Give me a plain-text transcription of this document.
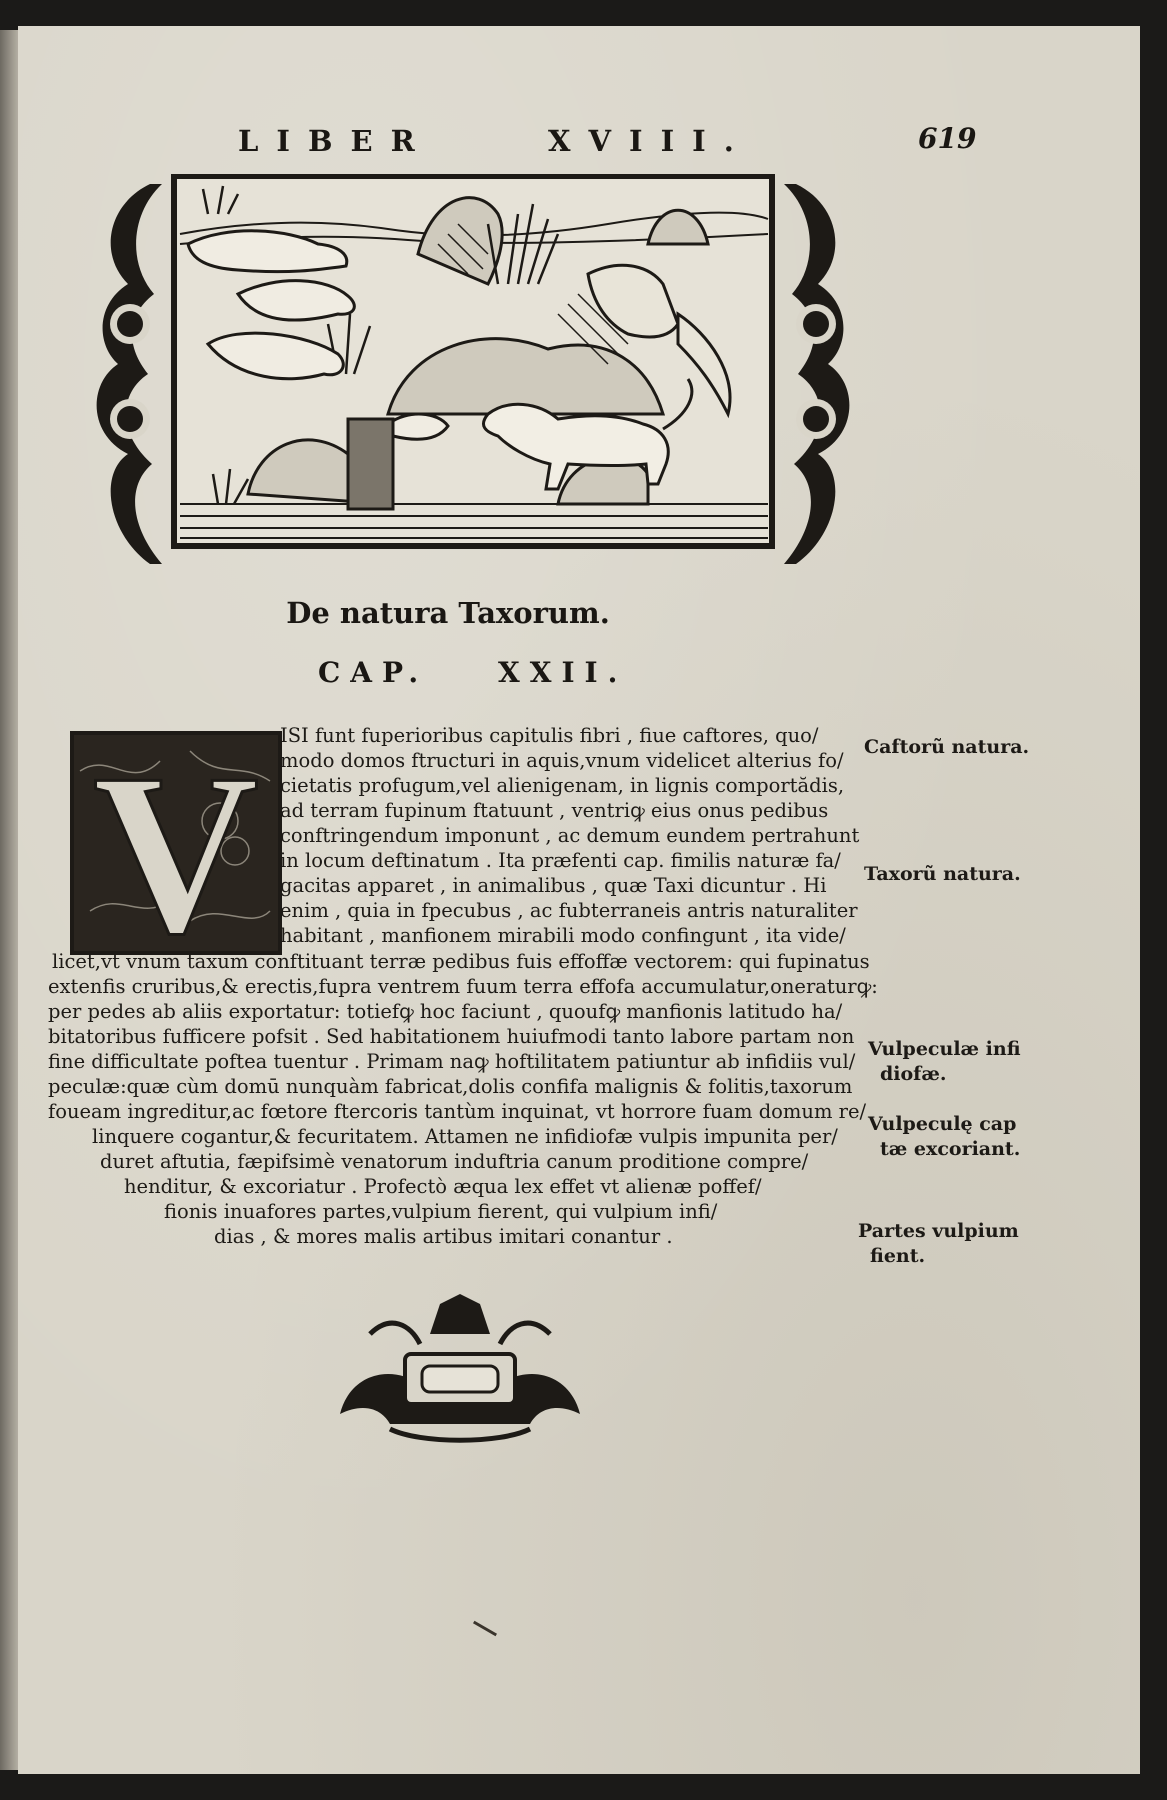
LIBER	XVIII.	619
De natura Taxorum.
CAP. XXII.
V ISI funt fuperioribus capitulis fibri , fiue caftores, quo/
modo domos ftructuri in aquis,vnum videlicet alterius fo/
cietatis profugum,vel alienigenam, in lignis comportădis,
ad terram fupinum ftatuunt , ventriꝙ eius onus pedibus
conftringendum imponunt , ac demum eundem pertrahunt
in locum deftinatum . Ita præfenti cap. fimilis naturæ fa/
gacitas apparet , in animalibus , quæ Taxi dicuntur . Hi
enim , quia in fpecubus , ac fubterraneis antris naturaliter
habitant , manfionem mirabili modo confingunt , ita vide/
licet,vt vnum taxum conftituant terræ pedibus fuis effoffæ vectorem: qui fupinatus
extenfis cruribus,& erectis,fupra ventrem fuum terra effofa accumulatur,oneraturꝙ:
per pedes ab aliis exportatur: totiefꝙ hoc faciunt , quoufꝙ manfionis latitudo ha/
bitatoribus fufficere pofsit . Sed habitationem huiufmodi tanto labore partam non
fine difficultate poftea tuentur . Primam naꝙ hoftilitatem patiuntur ab infidiis vul/
peculæ:quæ cùm domū nunquàm fabricat,dolis confifa malignis & folitis,taxorum
foueam ingreditur,ac fœtore ftercoris tantùm inquinat, vt horrore fuam domum re/
linquere cogantur,& fecuritatem. Attamen ne infidiofæ vulpis impunita per/
duret aftutia, fæpifsimè venatorum induftria canum proditione compre/
henditur, & excoriatur . Profectò æqua lex effet vt alienæ poffef/
fionis inuafores partes,vulpium fierent, qui vulpium infi/
dias , & mores malis artibus imitari conantur .
Caftorũ natura.
Taxorũ natura.
Vulpeculæ infi
diofæ.
Vulpeculę cap
tæ excoriant.
Partes vulpium
fient.
